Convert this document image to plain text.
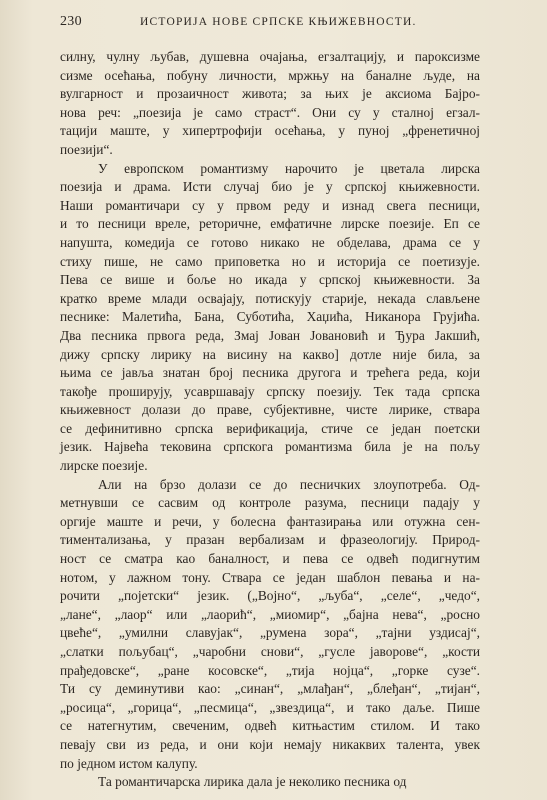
230	ИСТОРИЈА НОВЕ СРПСКЕ КЊИЖЕВНОСТИ.
силну, чулну љубав, душевна очајања, егзалтацију, и пароксизме
сизме осећања, побуну личности, мржњу на баналне људе, на
вулгарност и прозаичност живота; за њих је аксиома Бајро-
нова реч: „поезија је само страст“. Они су у сталној егзал-
тацији маште, у хипертрофији осећања, у пуној „френетичној
поезији“.
У европском романтизму нарочито је цветала лирска
поезија и драма. Исти случај био је у српској књижевности.
Наши романтичари су у првом реду и изнад свега песници,
и то песници вреле, реторичне, емфатичне лирске поезије. Еп се
напушта, комедија се готово никако не обделава, драма се у
стиху пише, не само приповетка но и историја се поетизује.
Пева се више и боље но икада у српској књижевности. За
кратко време млади освајају, потискују старије, некада слављене
песнике: Малетића, Бана, Суботића, Хаџића, Никанора Грујића.
Два песника првога реда, Змај Јован Јовановић и Ђура Јакшић,
дижу српску лирику на висину на какво] дотле није била, за
њима се јавља знатан број песника другога и трећега реда, који
такође проширују, усавршавају српску поезију. Тек тада српска
књижевност долази до праве, субјективне, чисте лирике, ствара
се дефинитивно српска верификација, стиче се један поетски
језик. Највећа тековина српскога романтизма била је на пољу
лирске поезије.
Али на брзо долази се до песничких злоупотреба. Од-
метнувши се сасвим од контроле разума, песници падају у
оргије маште и речи, у болесна фантазирања или отужна сен-
тиментализања, у празан вербализам и фразеологију. Природ-
ност се сматра као баналност, и пева се одвећ подигнутим
нотом, у лажном тону. Ствара се један шаблон певања и на-
рочити „појетски“ језик. („Војно“, „љуба“, „селе“, „чедо“,
„лане“, „лаор“ или „лаорић“, „миомир“, „бајна нева“, „росно
цвеће“, „умилни славујак“, „румена зора“, „тајни уздисај“,
„слатки пољубац“, „чаробни снови“, „гусле јаворове“, „кости
прађедовске“, „ране косовске“, „тија нојца“, „горке сузе“.
Ти су деминутиви као: „синан“, „млађан“, „блеђан“, „тијан“,
„росица“, „горица“, „песмица“, „звездица“, и тако даље. Пише
се натегнутим, свеченим, одвећ китњастим стилом. И тако
певају сви из реда, и они који немају никаквих талента, увек
по једном истом калупу.
Та романтичарска лирика дала је неколико песника од
